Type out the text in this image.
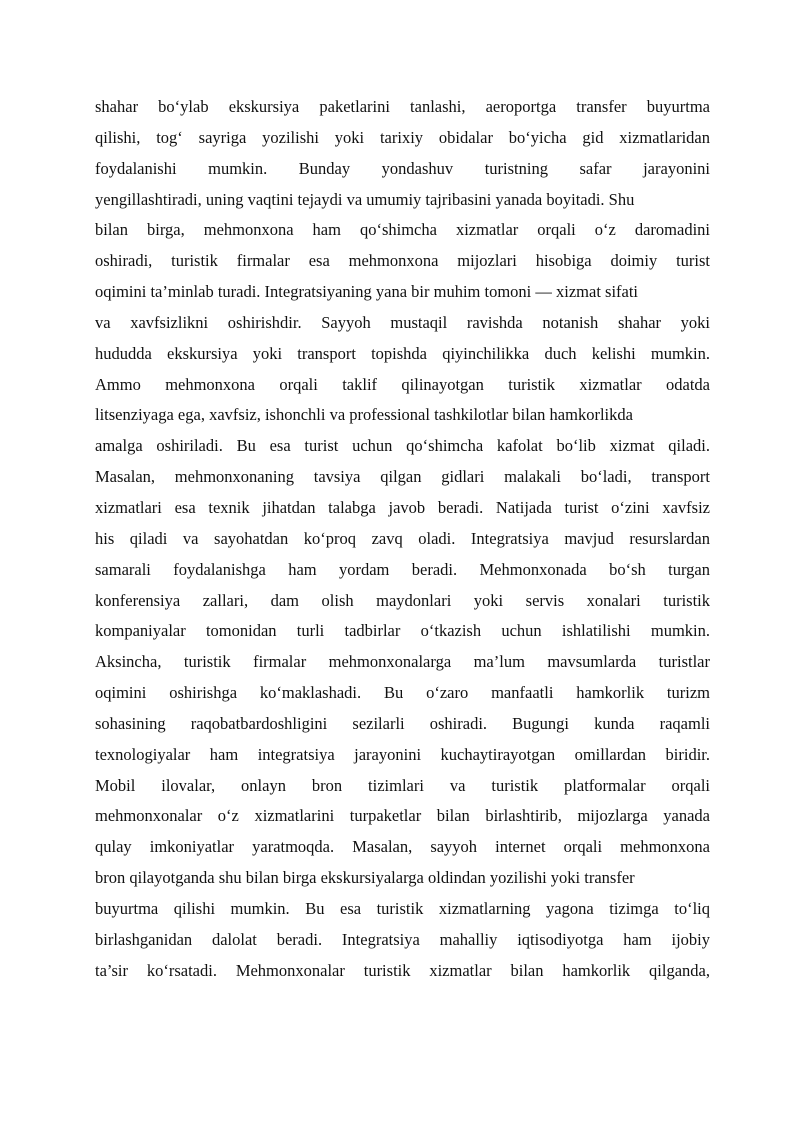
shahar bo‘ylab ekskursiya paketlarini tanlashi, aeroportga transfer buyurtma
qilishi, tog‘ sayriga yozilishi yoki tarixiy obidalar bo‘yicha gid xizmatlaridan
foydalanishi mumkin. Bunday yondashuv turistning safar jarayonini
yengillashtiradi, uning vaqtini tejaydi va umumiy tajribasini yanada boyitadi. Shu
bilan birga, mehmonxona ham qo‘shimcha xizmatlar orqali o‘z daromadini
oshiradi, turistik firmalar esa mehmonxona mijozlari hisobiga doimiy turist
oqimini ta’minlab turadi. Integratsiyaning yana bir muhim tomoni — xizmat sifati
va xavfsizlikni oshirishdir. Sayyoh mustaqil ravishda notanish shahar yoki
hududda ekskursiya yoki transport topishda qiyinchilikka duch kelishi mumkin.
Ammo mehmonxona orqali taklif qilinayotgan turistik xizmatlar odatda
litsenziyaga ega, xavfsiz, ishonchli va professional tashkilotlar bilan hamkorlikda
amalga oshiriladi. Bu esa turist uchun qo‘shimcha kafolat bo‘lib xizmat qiladi.
Masalan, mehmonxonaning tavsiya qilgan gidlari malakali bo‘ladi, transport
xizmatlari esa texnik jihatdan talabga javob beradi. Natijada turist o‘zini xavfsiz
his qiladi va sayohatdan ko‘proq zavq oladi. Integratsiya mavjud resurslardan
samarali foydalanishga ham yordam beradi. Mehmonxonada bo‘sh turgan
konferensiya zallari, dam olish maydonlari yoki servis xonalari turistik
kompaniyalar tomonidan turli tadbirlar o‘tkazish uchun ishlatilishi mumkin.
Aksincha, turistik firmalar mehmonxonalarga ma’lum mavsumlarda turistlar
oqimini oshirishga ko‘maklashadi. Bu o‘zaro manfaatli hamkorlik turizm
sohasining raqobatbardoshligini sezilarli oshiradi. Bugungi kunda raqamli
texnologiyalar ham integratsiya jarayonini kuchaytirayotgan omillardan biridir.
Mobil ilovalar, onlayn bron tizimlari va turistik platformalar orqali
mehmonxonalar o‘z xizmatlarini turpaketlar bilan birlashtirib, mijozlarga yanada
qulay imkoniyatlar yaratmoqda. Masalan, sayyoh internet orqali mehmonxona
bron qilayotganda shu bilan birga ekskursiyalarga oldindan yozilishi yoki transfer
buyurtma qilishi mumkin. Bu esa turistik xizmatlarning yagona tizimga to‘liq
birlashganidan dalolat beradi. Integratsiya mahalliy iqtisodiyotga ham ijobiy
ta’sir ko‘rsatadi. Mehmonxonalar turistik xizmatlar bilan hamkorlik qilganda,
